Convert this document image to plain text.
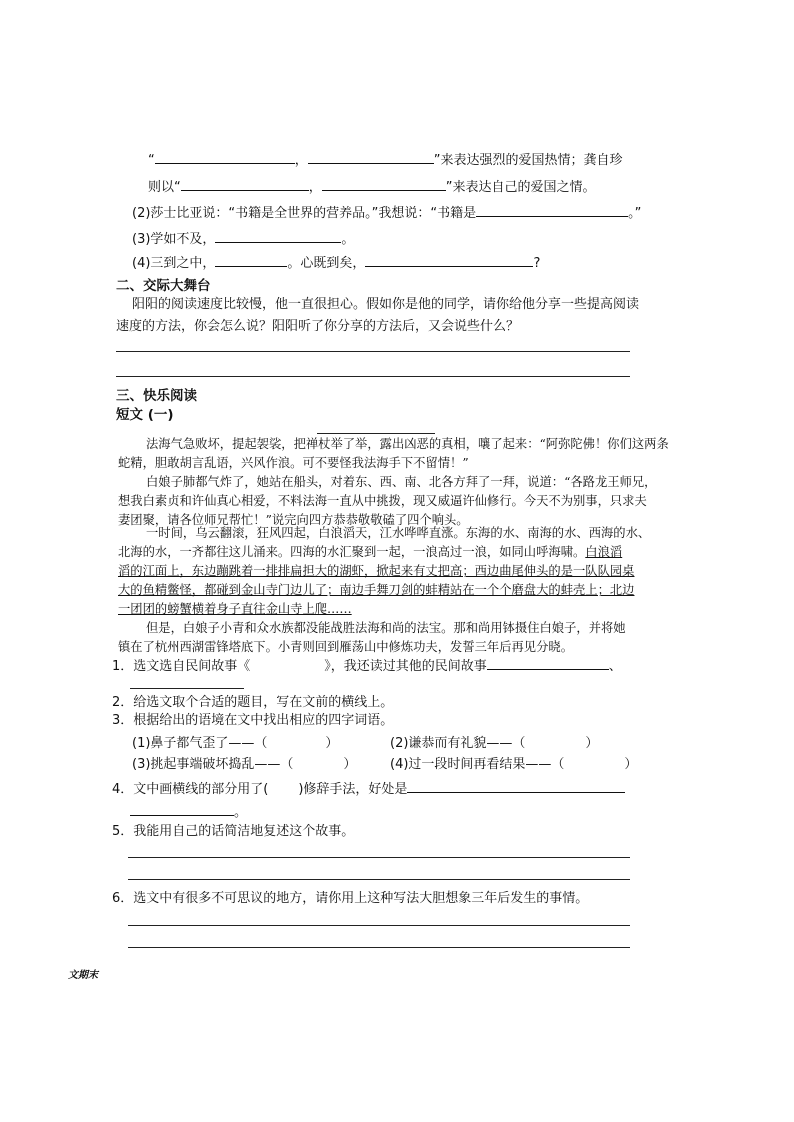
“	，	”来表达强烈的爱国热情；龚自珍
则以“	，	”来表达自己的爱国之情。
(2)莎士比亚说：“书籍是全世界的营养品。”我想说：“书籍是	。”
(3)学如不及，	。
(4)三到之中，	。心既到矣，	?
二、交际大舞台
阳阳的阅读速度比较慢，他一直很担心。假如你是他的同学，请你给他分享一些提高阅读
速度的方法，你会怎么说？阳阳听了你分享的方法后，又会说些什么？
三、快乐阅读
短文 (一)
法海气急败坏，提起袈裟，把禅杖举了举，露出凶恶的真相，嚷了起来：“阿弥陀佛！你们这两条
蛇精，胆敢胡言乱语，兴风作浪。可不要怪我法海手下不留情！”
白娘子肺都气炸了，她站在船头，对着东、西、南、北各方拜了一拜，说道：“各路龙王师兄，
想我白素贞和许仙真心相爱，不料法海一直从中挑拨，现又威逼许仙修行。今天不为别事，只求夫
妻团聚，请各位师兄帮忙！”说完向四方恭恭敬敬磕了四个响头。
一时间，乌云翻滚，狂风四起，白浪滔天，江水哗哗直涨。东海的水、南海的水、西海的水、
北海的水，一齐都往这儿涌来。四海的水汇聚到一起，一浪高过一浪，如同山呼海啸。白浪滔
滔的江面上，东边蹦跳着一排排扁担大的湖虾，掀起来有丈把高；西边曲尾伸头的是一队队园桌
大的鱼精鳖怪，都碰到金山寺门边儿了；南边手舞刀剑的蚌精站在一个个磨盘大的蚌壳上；北边
一团团的螃蟹横着身子直往金山寺上爬……
但是，白娘子小青和众水族都没能战胜法海和尚的法宝。那和尚用钵摄住白娘子，并将她
镇在了杭州西湖雷锋塔底下。小青则回到雁荡山中修炼功夫，发誓三年后再见分晓。
1．选文选自民间故事《	》，我还读过其他的民间故事	、
2．给选文取个合适的题目，写在文前的横线上。
3．根据给出的语境在文中找出相应的四字词语。
(1)鼻子都气歪了——（	）	(2)谦恭而有礼貌——（	）
(3)挑起事端破坏捣乱——（	）	(4)过一段时间再看结果——（	）
4．文中画横线的部分用了( )修辞手法，好处是
。
5．我能用自己的话简洁地复述这个故事。
6．选文中有很多不可思议的地方，请你用上这种写法大胆想象三年后发生的事情。
文期末
